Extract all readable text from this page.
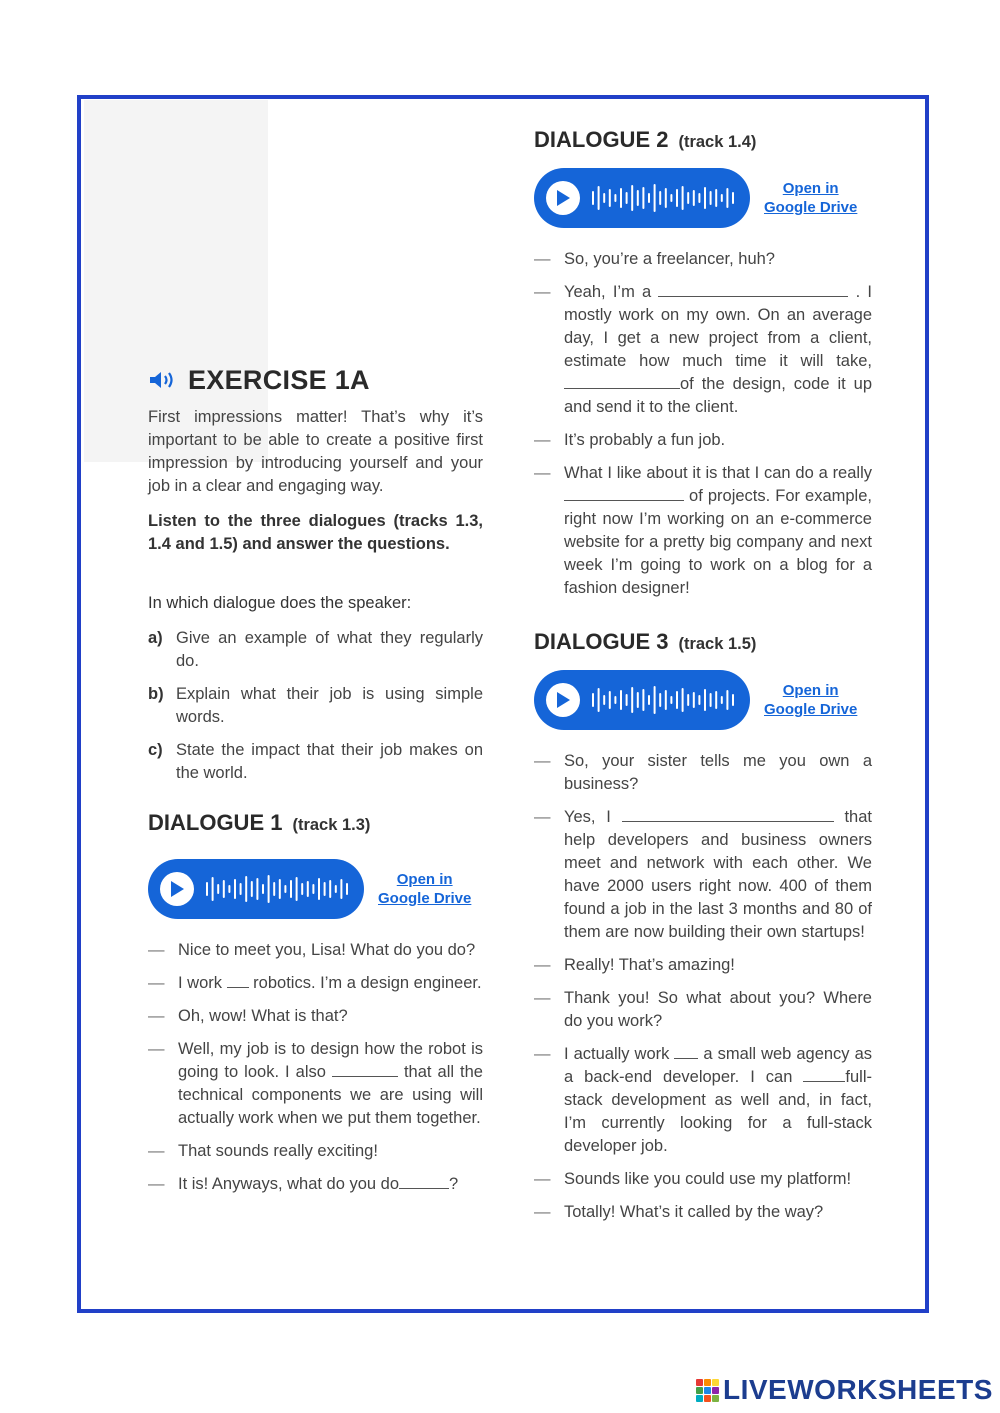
EXERCISE 1A

First impressions matter! That’s why it’s important to be able to create a positive first impression by introducing yourself and your job in a clear and engaging way.

Listen to the three dialogues (tracks 1.3, 1.4 and 1.5) and answer the questions.

In which dialogue does the speaker:

a) Give an example of what they regularly do.
b) Explain what their job is using simple words.
c) State the impact that their job makes on the world.
DIALOGUE 1 (track 1.3)
Open in
Google Drive
— Nice to meet you, Lisa! What do you do?
— I work  robotics. I’m a design engineer.
— Oh, wow! What is that?
— Well, my job is to design how the robot is going to look. I also	that all the technical components we are using will actually work when we put them together.
— That sounds really exciting!
— It is! Anyways, what do you do	?
DIALOGUE 2 (track 1.4)
Open in
Google Drive
— So, you’re a freelancer, huh?
— Yeah, I’m a	. I mostly work on my own. On an average day, I get a new project from a client, estimate how much time it will take, of the design, code it up and send it to the client.
— It’s probably a fun job.
— What I like about it is that I can do a really of projects. For example, right now I’m working on an e-commerce website for a pretty big company and next week I’m going to work on a blog for a fashion designer!
DIALOGUE 3 (track 1.5)
Open in
Google Drive
— So, your sister tells me you own a business?
— Yes, I	that help developers and business owners meet and network with each other. We have 2000 users right now. 400 of them found a job in the last 3 months and 80 of them are now building their own startups!
— Really! That’s amazing!
— Thank you! So what about you? Where do you work?
— I actually work  a small web agency as a back-end developer. I can	full-stack development as well and, in fact, I’m currently looking for a full-stack developer job.
— Sounds like you could use my platform!
— Totally! What’s it called by the way?
LIVEWORKSHEETS
